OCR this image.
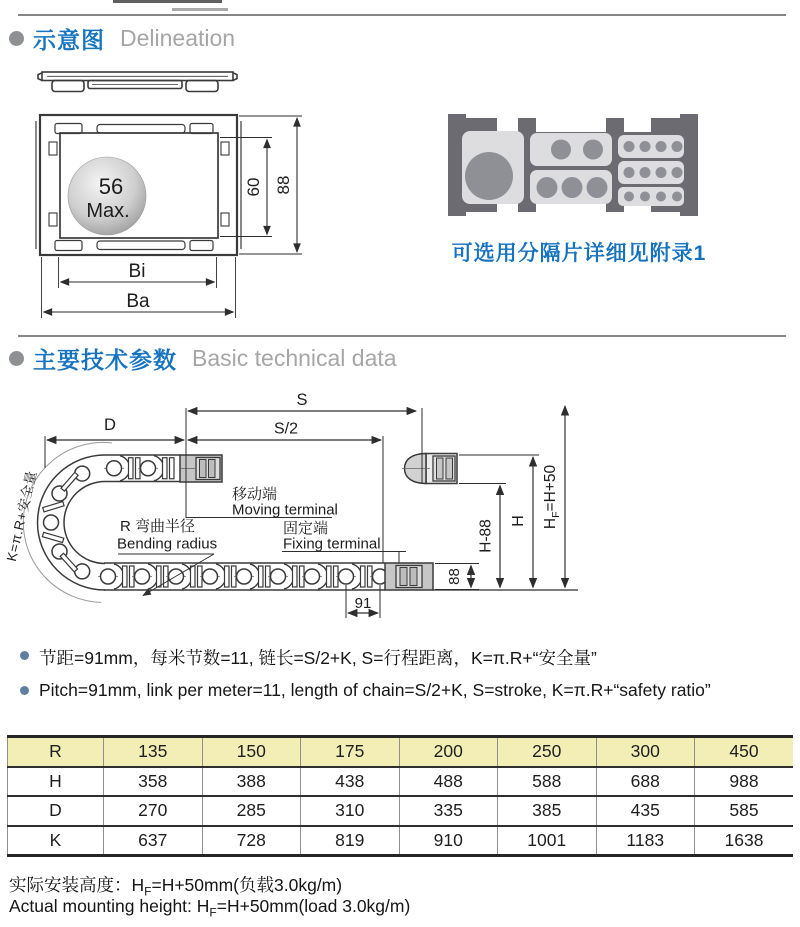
56
Max.
60 88
Bi
Ba
S
S/2
D
K=π.R+安全量	移动端
Moving terminal
R 弯曲半径
Bending radius
固定端
Fixing terminal
91
88
H-88 H $H_F=H+50$
示意图 Delineation
可选用分隔片详细见附录1
主要技术参数 Basic technical data
节距=91mm，每米节数=11, 链长=S/2+K, S=行程距离，K=π.R+“安全量”
Pitch=91mm, link per meter=11, length of chain=S/2+K, S=stroke, K=π.R+“safety ratio”
R	135	150	175	200	250	300	450
H	358	388	438	488	588	688	988
D	270	285	310	335	385	435	585
K	637	728	819	910	1001	1183	1638
实际安装高度：$H_F=H+50mm$(负载3.0kg/m)
Actual mounting height: $H_F=H+50mm(load$ 3.0kg/m)
